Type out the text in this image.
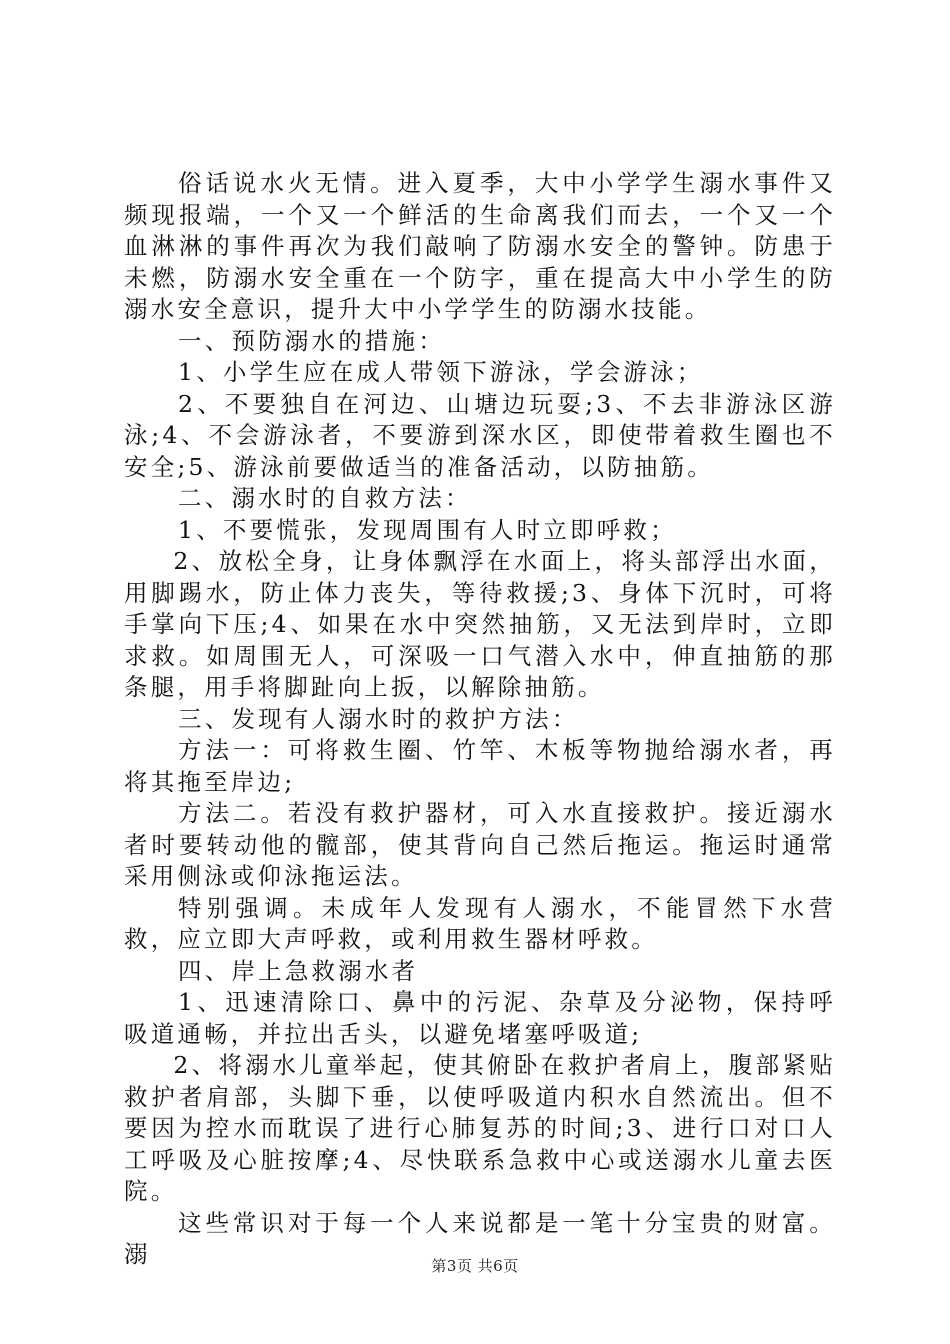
俗话说水火无情。进入夏季，大中小学学生溺水事件又频现报端，一个又一个鲜活的生命离我们而去，一个又一个血淋淋的事件再次为我们敲响了防溺水安全的警钟。防患于未燃，防溺水安全重在一个防字，重在提高大中小学生的防溺水安全意识，提升大中小学学生的防溺水技能。

一、预防溺水的措施：

1、小学生应在成人带领下游泳，学会游泳；

2、不要独自在河边、山塘边玩耍;3、不去非游泳区游泳;4、不会游泳者，不要游到深水区，即使带着救生圈也不安全;5、游泳前要做适当的准备活动，以防抽筋。

二、溺水时的自救方法：

1、不要慌张，发现周围有人时立即呼救；

2、放松全身，让身体飘浮在水面上，将头部浮出水面，用脚踢水，防止体力丧失，等待救援;3、身体下沉时，可将手掌向下压;4、如果在水中突然抽筋，又无法到岸时，立即求救。如周围无人，可深吸一口气潜入水中，伸直抽筋的那条腿，用手将脚趾向上扳，以解除抽筋。

三、发现有人溺水时的救护方法：

方法一：可将救生圈、竹竿、木板等物抛给溺水者，再将其拖至岸边;

方法二。若没有救护器材，可入水直接救护。接近溺水者时要转动他的髋部，使其背向自己然后拖运。拖运时通常采用侧泳或仰泳拖运法。

特别强调。未成年人发现有人溺水，不能冒然下水营救，应立即大声呼救，或利用救生器材呼救。

四、岸上急救溺水者

1、迅速清除口、鼻中的污泥、杂草及分泌物，保持呼吸道通畅，并拉出舌头，以避免堵塞呼吸道;

2、将溺水儿童举起，使其俯卧在救护者肩上，腹部紧贴救护者肩部，头脚下垂，以使呼吸道内积水自然流出。但不要因为控水而耽误了进行心肺复苏的时间;3、进行口对口人工呼吸及心脏按摩;4、尽快联系急救中心或送溺水儿童去医院。

这些常识对于每一个人来说都是一笔十分宝贵的财富。溺	第3页 共6页
